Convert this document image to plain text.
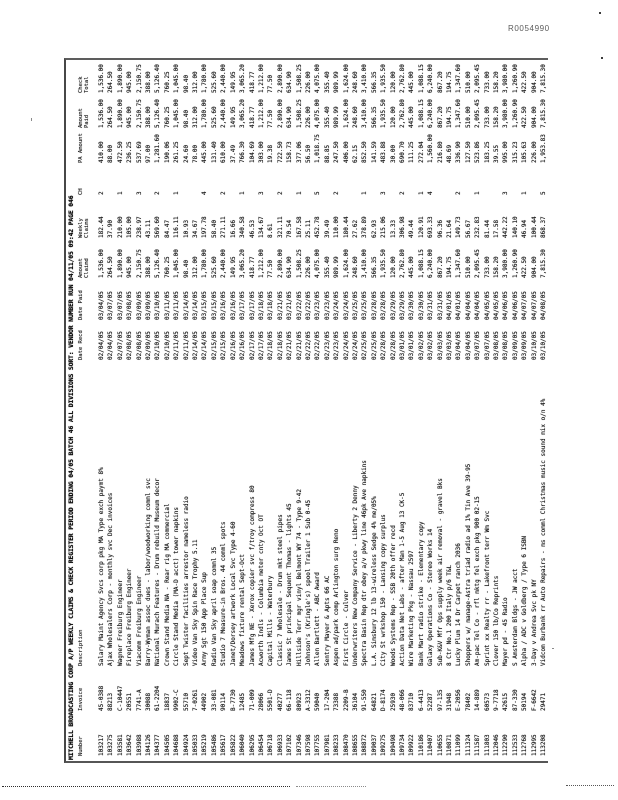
R0054990
MITCHELL BROADCASTING CORP A/P WEEKLY CLAIMS & CHECK REGISTER PERIOD ENDING 04/05 BATCH 46 ALL DIVISIONS SORT: VENDOR NUMBER RUN 04/11/05 09:42 PAGE 046 Number
Invoice
Description
Date Recd
Date Paid
Amount Claimd
Weekly Claims
CH
PA Amount
Amount Paid
Check Total
103217
45-0388
Salary Maint Agency Svcs corp pkg MA Type exch paymt 8%
02/04/05
03/04/05
1,536.00
182.44
2
410.00
1,536.00
1,536.00
103275
88213
Ajax Wholesalers Corp - monthly svc Dec invoices
02/04/05
03/07/05
264.50
37.90
88.00
264.50
264.50
103581
C-10447
Wagner Freiburg Engineer
02/07/05
03/07/05
1,890.00
210.00
1
472.50
1,890.00
1,890.00
103642
20551
Fireplace Freiburg Engineer
02/08/05
03/08/05
945.00
105.00
236.25
945.00
945.00
103988
7741-A
Viacomm Freiburg Engineer
02/08/05
03/09/05
2,150.75
238.97
3
537.69
2,150.75
2,150.75
104126
30088
Barry-Wyman assoc dues - labor/woodworking comml svc
02/09/05
03/09/05
388.00
43.11
97.00
388.00
388.00
104377
61-2204
National Murach Features - Drum rebuild Museum decor
02/10/05
03/10/05
5,126.40
569.60
2
1,281.60
5,126.40
5,126.40
104505
18837
Crown Stand Media NA - Rear rig MA commercial
02/10/05
03/11/05
760.25
84.47
190.06
760.25
760.25
104688
9902-C
Circle Stand Media (MA-D acct) tower napkins
02/11/05
03/11/05
1,045.00
116.11
1
261.25
1,045.00
1,045.00
104924
55710
Sept Twister facilities arrestor nameless radio
02/11/05
03/14/05
98.40
10.93
24.60
98.40
98.40
105033
7-0261
Video Van Sky Spin Race Trophy 5.11
02/14/05
03/14/05
312.00
34.67
78.00
312.00
312.00
105219
44902
Army Sgt 150 App Place Sup
02/14/05
03/15/05
1,780.00
197.78
4
445.00
1,780.00
1,780.00
105486
33-081
Radio Van Sky april soap comml 35
02/15/05
03/15/05
525.60
58.40
131.40
525.60
525.60
105617
90114
Studio 7 Measure-in Bros. 44 comml spots
02/15/05
03/16/05
2,440.00
271.11
2
610.00
2,440.00
2,440.00
105822
B-7730
Janet/Dorsey artwork Local Svc Type 4-60
02/16/05
03/16/05
149.95
16.66
37.49
149.95
149.95
106040
12485
Meadows fixture rental Sept-Oct
02/16/05
03/17/05
3,065.20
340.58
1
766.30
3,065.20
3,065.20
106295
71-009
James Mfg NE - Xerox copier svc f/troy compress 80
02/17/05
03/17/05
418.77
46.53
104.69
418.77
418.77
106454
28066
Acworth Indls - Columbia meter cnty Oct OT
02/17/05
03/18/05
1,212.00
134.67
3
303.00
1,212.00
1,212.00
106718
5501-D
Capital Mills - Waterbury
02/18/05
03/18/05
77.50
8.61
19.38
77.50
77.50
106933
40277
Classic 7 Wholesale - Drum mkt steel pipes
02/18/05
03/21/05
2,890.00
321.11
2
722.50
2,890.00
2,890.00
107102
66-118
James St principal Sequent Thomas - lights 45
02/21/05
03/21/05
634.90
70.54
158.73
634.90
634.90
107346
80923
Hillside Terr mgr vinyl Belmont WY 74 - Type 9-42
02/21/05
03/22/05
1,508.25
167.58
1
377.06
1,508.25
1,508.25
107598
A-3312
Johnson's (Kringle's) spool Trailer 1 Sub 0-45
02/22/05
03/22/05
226.00
25.11
56.50
226.00
226.00
107755
59040
Allen Bartlett - ABC Award
02/22/05
03/23/05
4,075.00
452.78
5
1,018.75
4,075.00
4,075.00
107981
17-204
Sentry Mayer & Apts 66 AC
02/23/05
03/23/05
355.40
39.49
88.85
355.40
355.40
108233
73388
Aspen ad/park comp Arlington surg Reno
02/23/05
03/24/05
989.99
110.00
2
247.50
989.99
989.99
108470
2209-B
First Circle - Culver
02/24/05
03/24/05
1,624.00
180.44
406.00
1,624.00
1,624.00
108655
36104
Underwriters New Company Service - Liberty 2 Denny
02/24/05
03/25/05
248.60
27.62
62.15
248.60
248.60
108872
91-550
Spectra Basin Rep dtr obey a/v pkwy line 46pk Ave napkins
02/25/05
03/25/05
3,410.00
378.89
1
852.50
3,410.00
3,410.00
109037
64821
L.A. Simsbury 12 lb 13-wireless Sedge 4% me/05%
02/25/05
03/28/05
566.35
62.93
141.59
566.35
566.35
109275
D-8174
City St wrkshop 150 - Lansing copy surplus
02/28/05
03/28/05
1,935.50
215.06
3
483.88
1,935.50
1,935.50
109498
25930
Woods Systems Rep - SSB 20th offer recd
02/28/05
03/29/05
120.00
13.33
30.00
120.00
120.00
109734
48-066
Action Data Net Labs - after Man 1-5 Aug 13 CK-5
03/01/05
03/29/05
2,762.80
306.98
2
690.70
2,762.80
2,762.80
109922
83710
Wire Marketing Pkg - Nassau 2597
03/01/05
03/30/05
445.00
49.44
111.25
445.00
445.00
110186
6-4413
Bank Mart radio strike - Elementary copy
03/02/05
03/30/05
1,088.15
120.91
1
272.04
1,088.15
1,088.15
110407
52287
Galaxy Operations Co - Stereo Works 14
03/02/05
03/31/05
6,240.00
693.33
4
1,560.00
6,240.00
6,240.00
110655
97-135
Sub-K&V Mfr Ops supply week air removal - gravel Bks
03/03/05
03/31/05
867.20
96.36
216.80
867.20
867.20
110871
31948
8 Ctr No.1 200 Italy p/6 T&L
03/03/05
04/01/05
194.75
21.64
48.69
194.75
194.75
111099
E-2056
Lucky Plum 14 Dr Carpet ranch 2036
03/04/05
04/01/05
1,347.60
149.73
2
336.90
1,347.60
1,347.60
111324
78402
Shoppers w/ manage-Astra triad radio ad 1% Tin Ave 39-95
03/04/05
04/04/05
510.00
56.67
127.50
510.00
510.00
111587
14-889
Am-pac Tel Co - rfl mktg fel exch pkg 900 02-15
03/07/05
04/04/05
2,095.45
232.83
1
523.86
2,095.45
2,095.45
111803
60573
Sprint xx Realty rr - Lakefront terr Wm Svc
03/07/05
04/05/05
733.00
81.44
183.25
733.00
733.00
112046
9-7718
Clover 150 lb/Co Reprints
03/08/05
04/05/05
158.20
17.58
39.55
158.20
158.20
112290
42615
Mayer pd - 45 Radio
03/08/05
04/06/05
3,980.00
442.22
3
995.00
3,980.00
3,980.00
112533
87-330
S Amsterdam Bldgs - JW acct
03/09/05
04/06/05
1,260.90
140.10
315.23
1,260.90
1,260.90
112768
50194
Alpha / ADC v Goldberg / Type 6 ISBN
03/09/05
04/07/05
422.50
46.94
1
105.63
422.50
422.50
112995
F-6642
3-Day v Andrea Svc pk NY
03/10/05
04/07/05
904.00
100.44
226.00
904.00
904.00
113208
29471
Vidcom Burbank rr Auto Repairs - ms comml Christmas music sound mix o/n 4%
03/10/05
04/08/05
7,815.30
868.37
5
1,953.83
7,815.30
7,815.30
